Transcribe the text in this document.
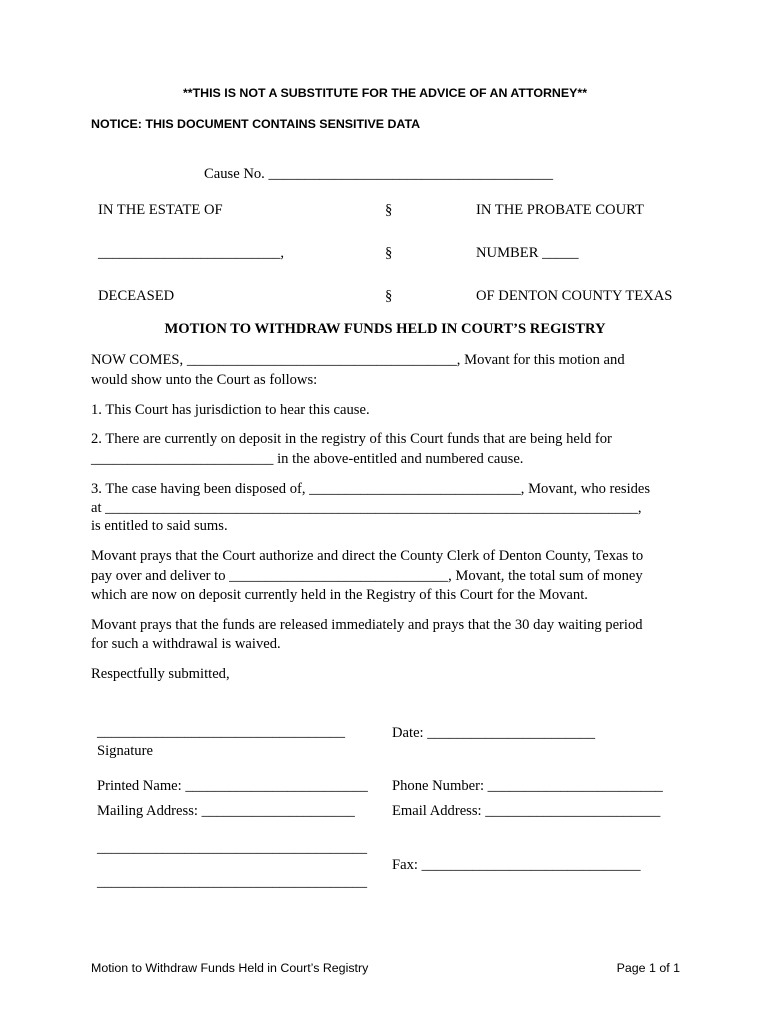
**THIS IS NOT A SUBSTITUTE FOR THE ADVICE OF AN ATTORNEY**
NOTICE: THIS DOCUMENT CONTAINS SENSITIVE DATA
Cause No. _______________________________________
IN THE ESTATE OF	§	IN THE PROBATE COURT
_________________________,	§	NUMBER _____
DECEASED	§	OF DENTON COUNTY TEXAS
MOTION TO WITHDRAW FUNDS HELD IN COURT’S REGISTRY
NOW COMES, _____________________________________, Movant for this motion and
would show unto the Court as follows:
1. This Court has jurisdiction to hear this cause.
2. There are currently on deposit in the registry of this Court funds that are being held for
_________________________ in the above-entitled and numbered cause.
3. The case having been disposed of, _____________________________, Movant, who resides
at _________________________________________________________________________,
is entitled to said sums.
Movant prays that the Court authorize and direct the County Clerk of Denton County, Texas to
pay over and deliver to ______________________________, Movant, the total sum of money
which are now on deposit currently held in the Registry of this Court for the Movant.
Movant prays that the funds are released immediately and prays that the 30 day waiting period
for such a withdrawal is waived.
Respectfully submitted,
__________________________________
Signature
Date: _______________________
Printed Name: _________________________ Phone Number: ________________________
Mailing Address: _____________________	Email Address: ________________________
_____________________________________
Fax: ______________________________
_____________________________________
Motion to Withdraw Funds Held in Court’s Registry	Page 1 of 1
